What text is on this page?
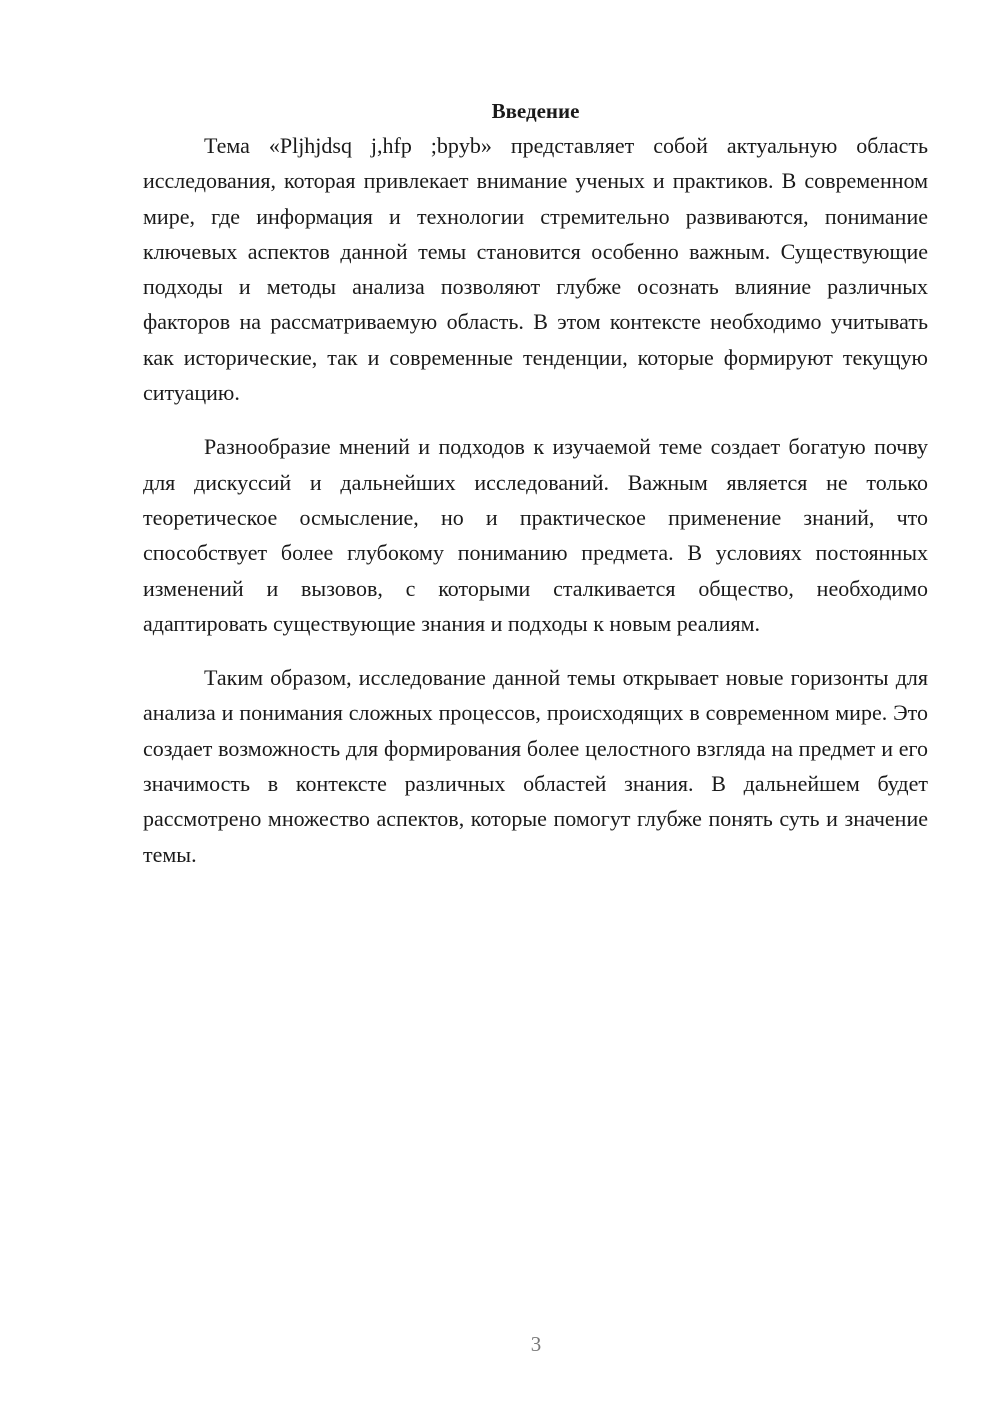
Введение

Тема «Pljhjdsq j,hfp ;bpyb» представляет собой актуальную область исследования, которая привлекает внимание ученых и практиков. В современном мире, где информация и технологии стремительно развиваются, понимание ключевых аспектов данной темы становится особенно важным. Существующие подходы и методы анализа позволяют глубже осознать влияние различных факторов на рассматриваемую область. В этом контексте необходимо учитывать как исторические, так и современные тенденции, которые формируют текущую ситуацию.

Разнообразие мнений и подходов к изучаемой теме создает богатую почву для дискуссий и дальнейших исследований. Важным является не только теоретическое осмысление, но и практическое применение знаний, что способствует более глубокому пониманию предмета. В условиях постоянных изменений и вызовов, с которыми сталкивается общество, необходимо адаптировать существующие знания и подходы к новым реалиям.

Таким образом, исследование данной темы открывает новые горизонты для анализа и понимания сложных процессов, происходящих в современном мире. Это создает возможность для формирования более целостного взгляда на предмет и его значимость в контексте различных областей знания. В дальнейшем будет рассмотрено множество аспектов, которые помогут глубже понять суть и значение темы.

3
